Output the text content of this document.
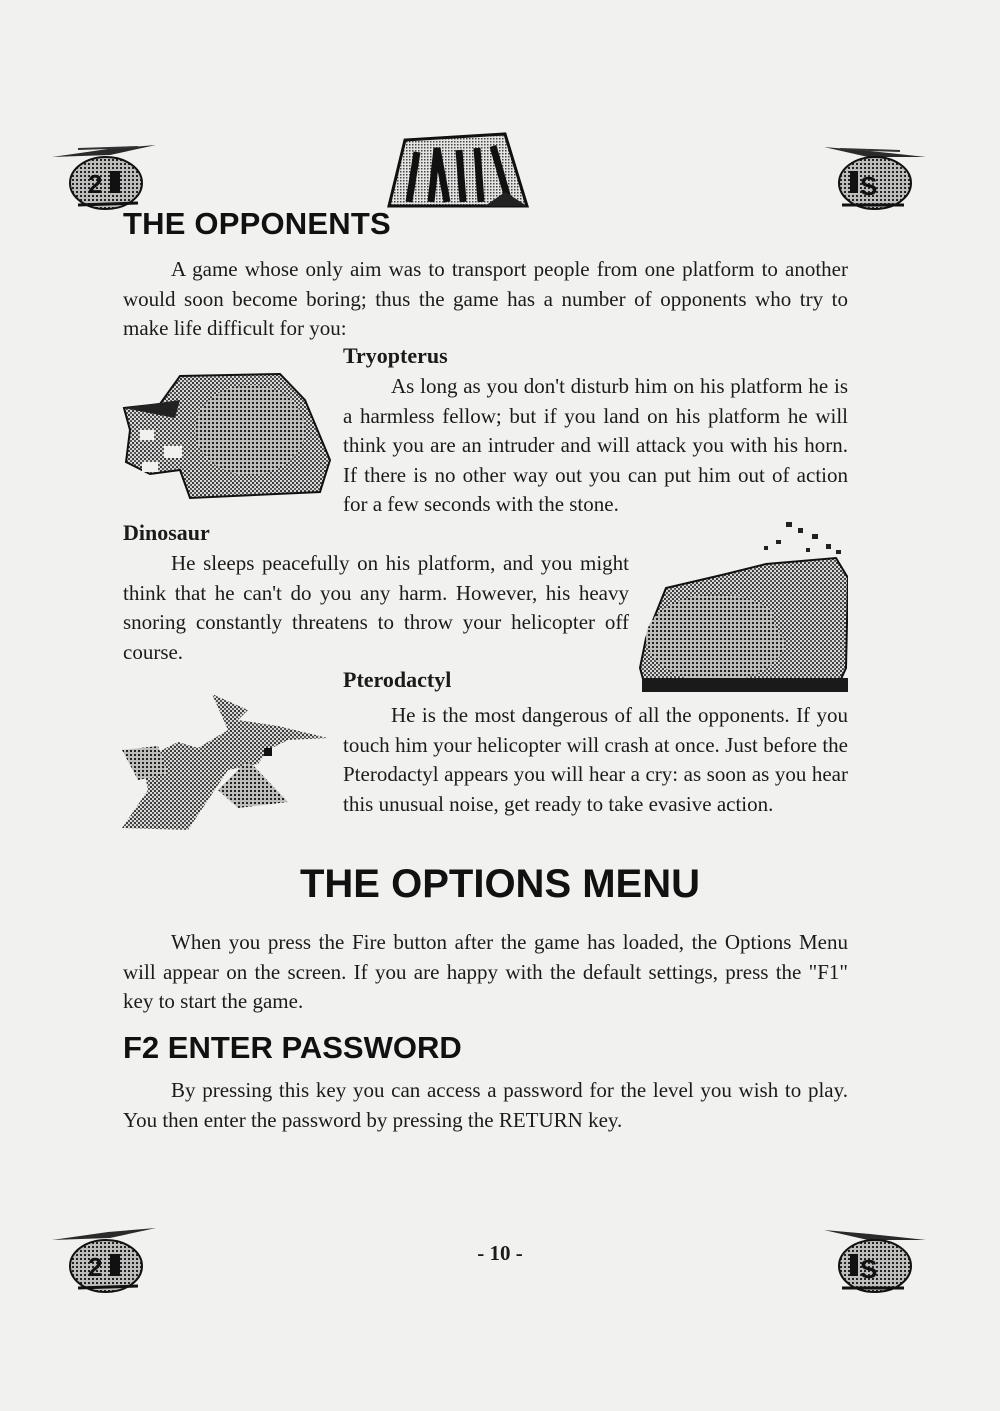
2	S
2	S
THE OPPONENTS

A game whose only aim was to transport people from one platform to another would soon become boring; thus the game has a number of opponents who try to make life difficult for you:

Tryopterus

As long as you don't disturb him on his platform he is a harmless fellow; but if you land on his platform he will think you are an intruder and will attack you with his horn. If there is no other way out you can put him out of action for a few seconds with the stone.

Dinosaur

He sleeps peacefully on his platform, and you might think that he can't do you any harm. However, his heavy snoring constantly threatens to throw your helicopter off course.

Pterodactyl

He is the most dangerous of all the opponents. If you touch him your helicopter will crash at once. Just before the Pterodactyl appears you will hear a cry: as soon as you hear this unusual noise, get ready to take evasive action.

THE OPTIONS MENU

When you press the Fire button after the game has loaded, the Options Menu will appear on the screen. If you are happy with the default settings, press the "F1" key to start the game.

F2 ENTER PASSWORD

By pressing this key you can access a password for the level you wish to play. You then enter the password by pressing the RETURN key.

- 10 -
